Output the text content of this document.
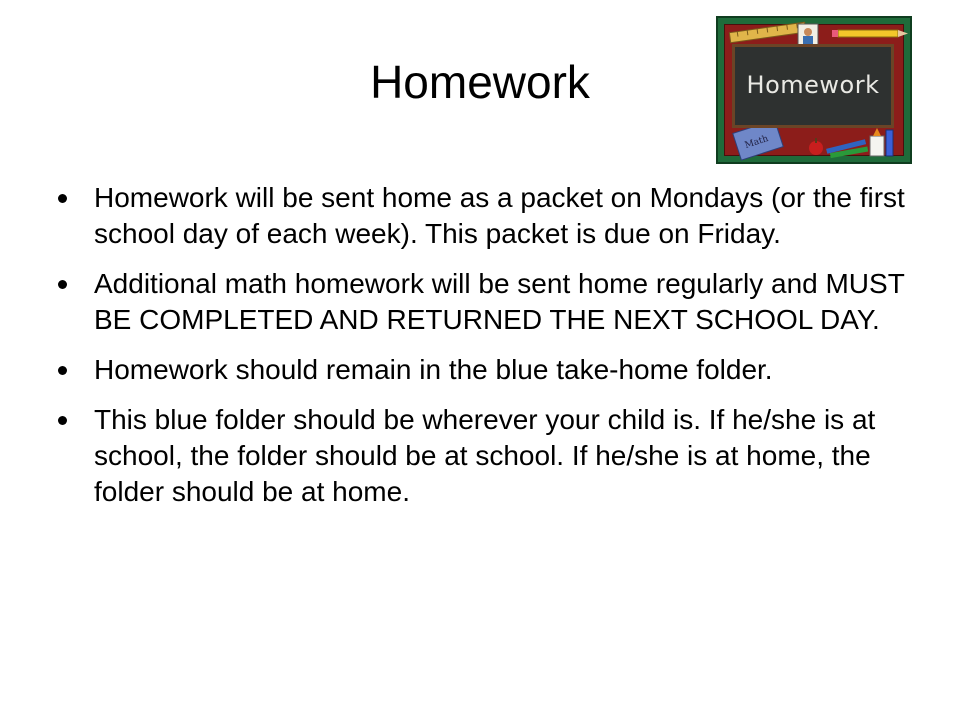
Homework
Math
Homework
Homework will be sent home as a packet on Mondays (or the first school day of each week). This packet is due on Friday.
Additional math homework will be sent home regularly and MUST BE COMPLETED AND RETURNED THE NEXT SCHOOL DAY.
Homework should remain in the blue take-home folder.
This blue folder should be wherever your child is. If he/she is at school, the folder should be at school. If he/she is at home, the folder should be at home.
